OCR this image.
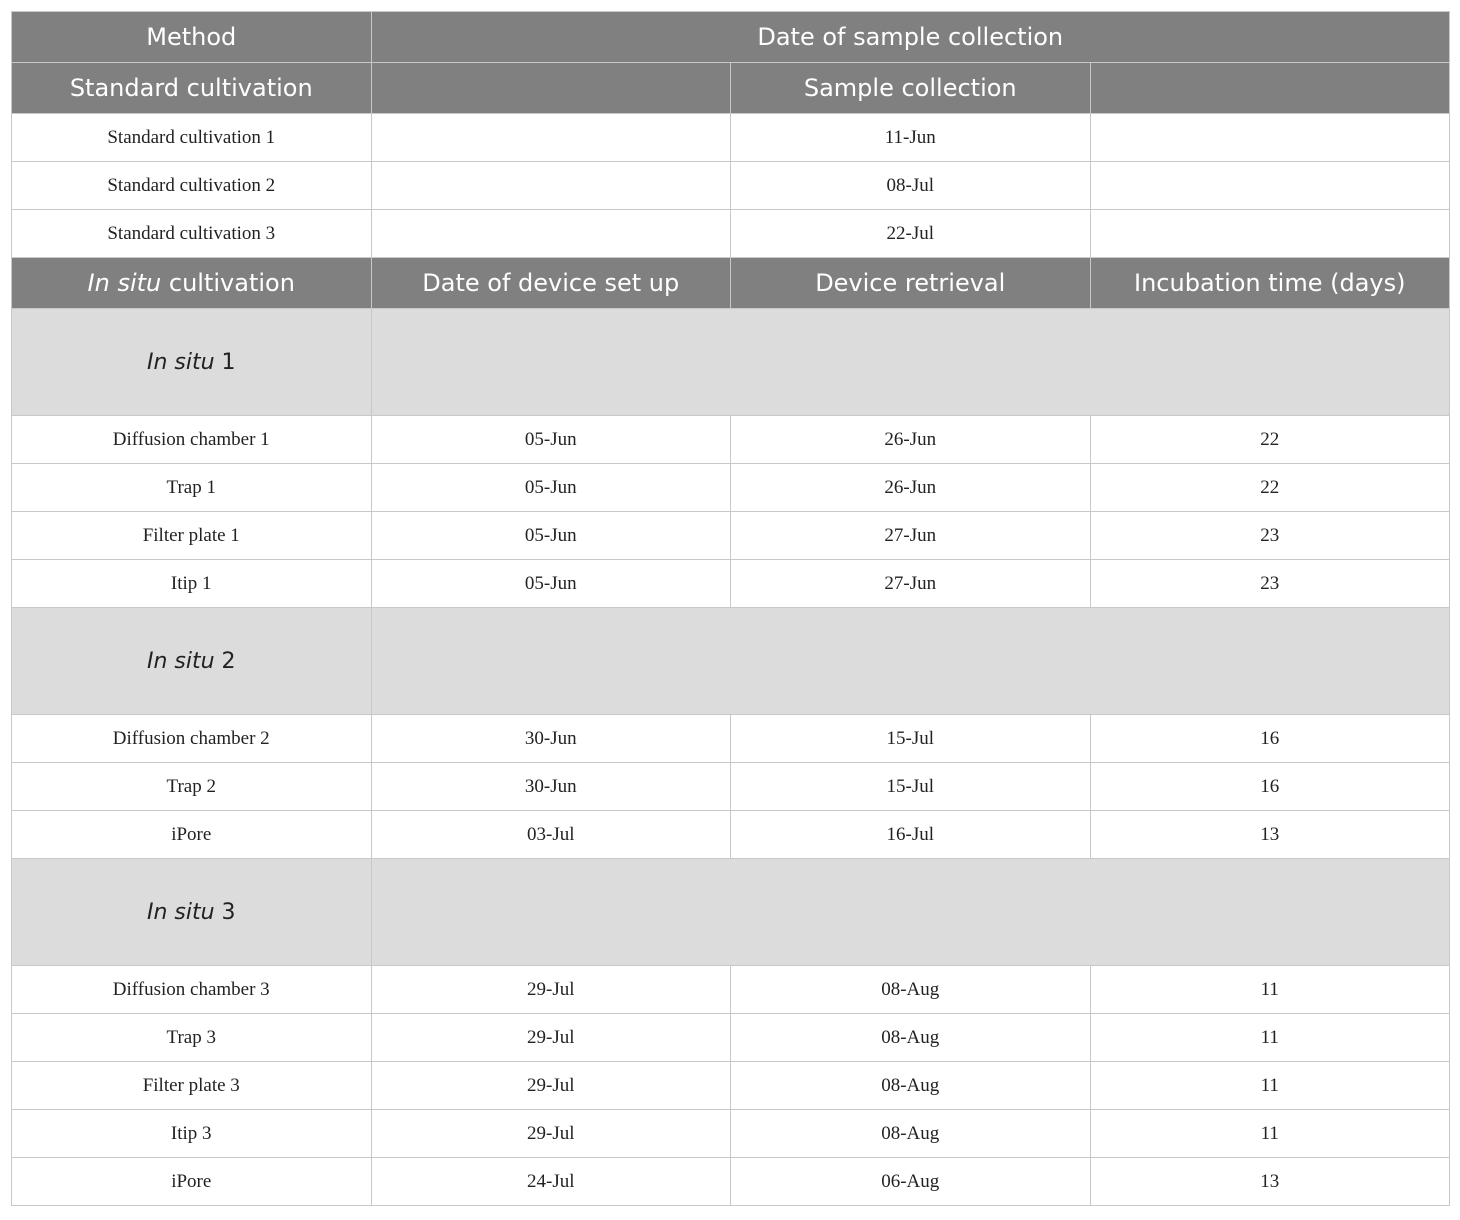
Method	Date of sample collection		
Standard cultivation		Sample collection	
Standard cultivation 1		11-Jun	
Standard cultivation 2		08-Jul	
Standard cultivation 3		22-Jul	
In situ cultivation	Date of device set up	Device retrieval	Incubation time (days)
In situ 1			
Diffusion chamber 1	05-Jun	26-Jun	22
Trap 1	05-Jun	26-Jun	22
Filter plate 1	05-Jun	27-Jun	23
Itip 1	05-Jun	27-Jun	23
In situ 2			
Diffusion chamber 2	30-Jun	15-Jul	16
Trap 2	30-Jun	15-Jul	16
iPore	03-Jul	16-Jul	13
In situ 3			
Diffusion chamber 3	29-Jul	08-Aug	11
Trap 3	29-Jul	08-Aug	11
Filter plate 3	29-Jul	08-Aug	11
Itip 3	29-Jul	08-Aug	11
iPore	24-Jul	06-Aug	13
